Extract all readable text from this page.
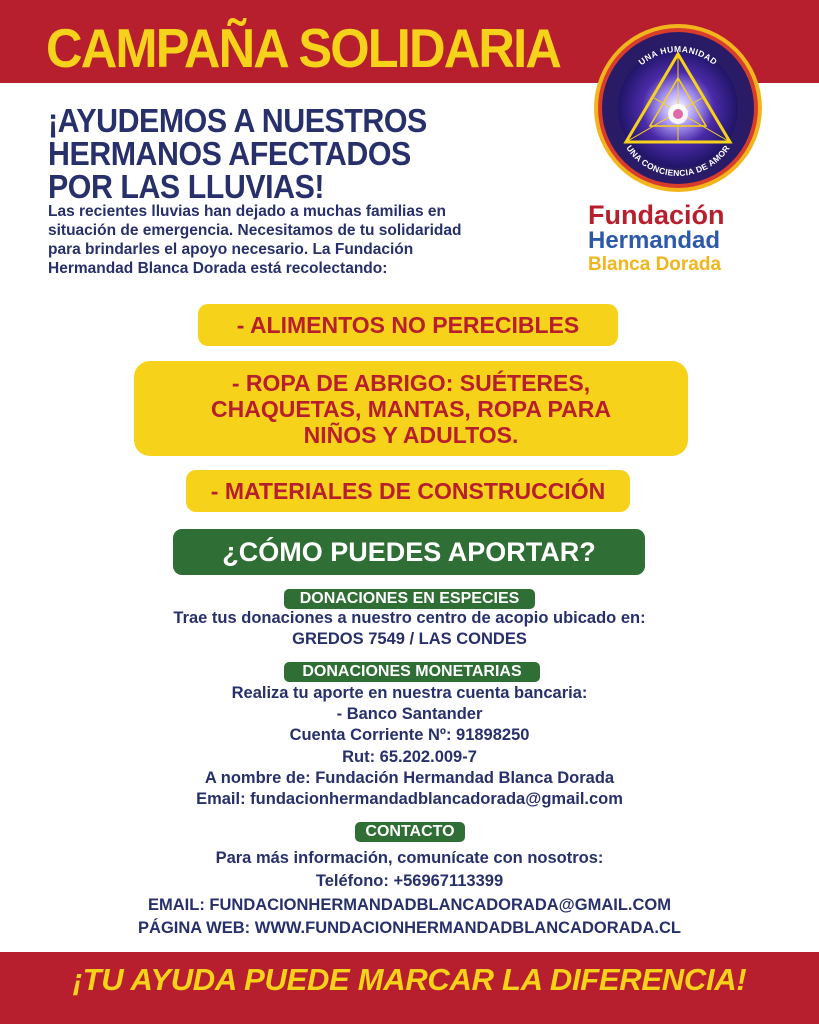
CAMPAÑA SOLIDARIA	UNA HUMANIDAD
UNA CONCIENCIA DE AMOR
¡AYUDEMOS A NUESTROS
HERMANOS AFECTADOS
POR LAS LLUVIAS!
Las recientes lluvias han dejado a muchas familias en
situación de emergencia. Necesitamos de tu solidaridad
para brindarles el apoyo necesario. La Fundación
Hermandad Blanca Dorada está recolectando:
Fundación
Hermandad
Blanca Dorada
- ALIMENTOS NO PERECIBLES
- ROPA DE ABRIGO: SUÉTERES,
CHAQUETAS, MANTAS, ROPA PARA
NIÑOS Y ADULTOS.
- MATERIALES DE CONSTRUCCIÓN
¿CÓMO PUEDES APORTAR?
DONACIONES EN ESPECIES
Trae tus donaciones a nuestro centro de acopio ubicado en:
GREDOS 7549 / LAS CONDES
DONACIONES MONETARIAS
Realiza tu aporte en nuestra cuenta bancaria:
- Banco Santander
Cuenta Corriente Nº: 91898250
Rut: 65.202.009-7
A nombre de: Fundación Hermandad Blanca Dorada
Email: fundacionhermandadblancadorada@gmail.com
CONTACTO
Para más información, comunícate con nosotros:
Teléfono: +56967113399
EMAIL: FUNDACIONHERMANDADBLANCADORADA@GMAIL.COM
PÁGINA WEB: WWW.FUNDACIONHERMANDADBLANCADORADA.CL
¡TU AYUDA PUEDE MARCAR LA DIFERENCIA!
